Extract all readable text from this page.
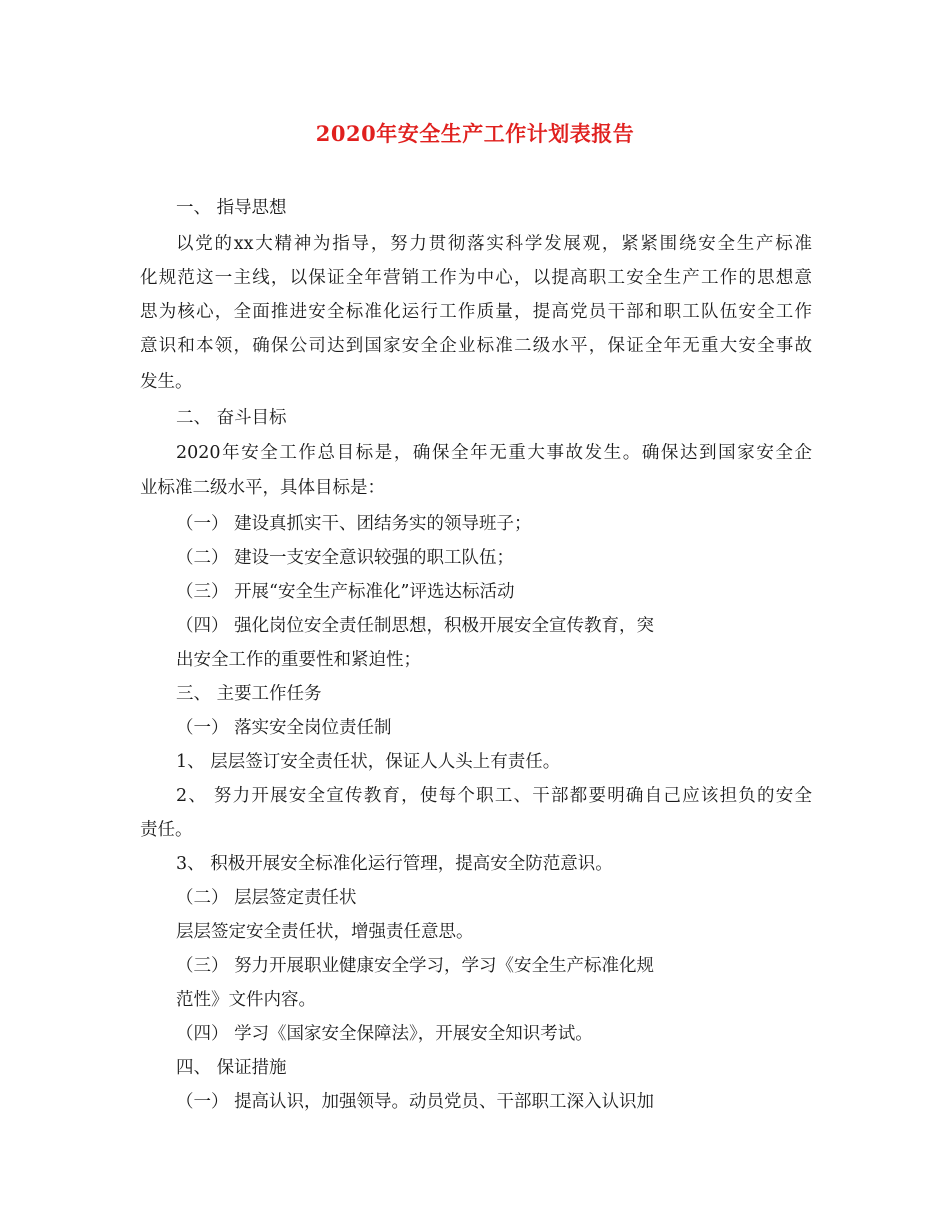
2020年安全生产工作计划表报告
一、 指导思想
以党的xx大精神为指导，努力贯彻落实科学发展观，紧紧围绕安全生产标准
化规范这一主线，以保证全年营销工作为中心，以提高职工安全生产工作的思想意
思为核心，全面推进安全标准化运行工作质量，提高党员干部和职工队伍安全工作
意识和本领，确保公司达到国家安全企业标准二级水平，保证全年无重大安全事故
发生。
二、 奋斗目标
2020年安全工作总目标是，确保全年无重大事故发生。确保达到国家安全企
业标准二级水平，具体目标是：
（一） 建设真抓实干、团结务实的领导班子；
（二） 建设一支安全意识较强的职工队伍；
（三） 开展“安全生产标准化”评选达标活动
（四） 强化岗位安全责任制思想，积极开展安全宣传教育，突
出安全工作的重要性和紧迫性；
三、 主要工作任务
（一） 落实安全岗位责任制
1、 层层签订安全责任状，保证人人头上有责任。
2、 努力开展安全宣传教育，使每个职工、干部都要明确自己应该担负的安全
责任。
3、 积极开展安全标准化运行管理，提高安全防范意识。
（二） 层层签定责任状
层层签定安全责任状，增强责任意思。
（三） 努力开展职业健康安全学习，学习《安全生产标准化规
范性》文件内容。
（四） 学习《国家安全保障法》，开展安全知识考试。
四、 保证措施
（一） 提高认识，加强领导。动员党员、干部职工深入认识加
